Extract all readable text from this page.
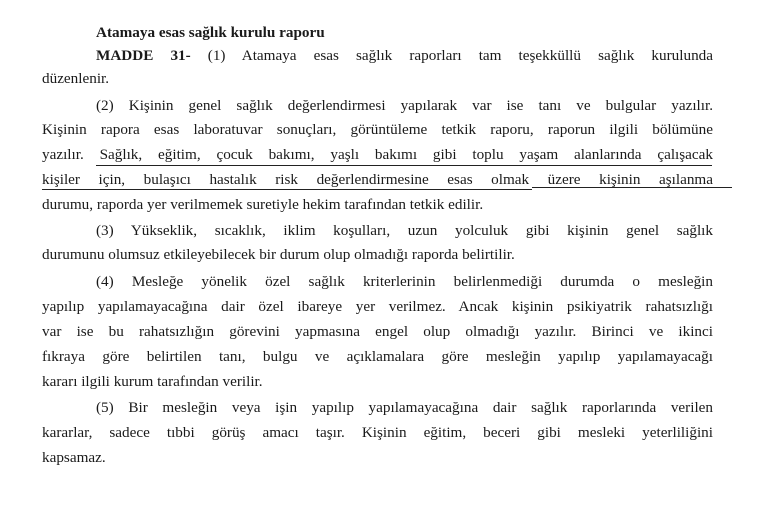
Atamaya esas sağlık kurulu raporu
MADDE 31- (1) Atamaya esas sağlık raporları tam teşekküllü sağlık kurulunda
düzenlenir.
(2) Kişinin genel sağlık değerlendirmesi yapılarak var ise tanı ve bulgular yazılır.
Kişinin rapora esas laboratuvar sonuçları, görüntüleme tetkik raporu, raporun ilgili bölümüne
yazılır. Sağlık, eğitim, çocuk bakımı, yaşlı bakımı gibi toplu yaşam alanlarında çalışacak
kişiler için, bulaşıcı hastalık risk değerlendirmesine esas olmak üzere kişinin aşılanma
durumu, raporda yer verilmemek suretiyle hekim tarafından tetkik edilir.
(3) Yükseklik, sıcaklık, iklim koşulları, uzun yolculuk gibi kişinin genel sağlık
durumunu olumsuz etkileyebilecek bir durum olup olmadığı raporda belirtilir.
(4) Mesleğe yönelik özel sağlık kriterlerinin belirlenmediği durumda o mesleğin
yapılıp yapılamayacağına dair özel ibareye yer verilmez. Ancak kişinin psikiyatrik rahatsızlığı
var ise bu rahatsızlığın görevini yapmasına engel olup olmadığı yazılır. Birinci ve ikinci
fıkraya göre belirtilen tanı, bulgu ve açıklamalara göre mesleğin yapılıp yapılamayacağı
kararı ilgili kurum tarafından verilir.
(5) Bir mesleğin veya işin yapılıp yapılamayacağına dair sağlık raporlarında verilen
kararlar, sadece tıbbi görüş amacı taşır. Kişinin eğitim, beceri gibi mesleki yeterliliğini
kapsamaz.
